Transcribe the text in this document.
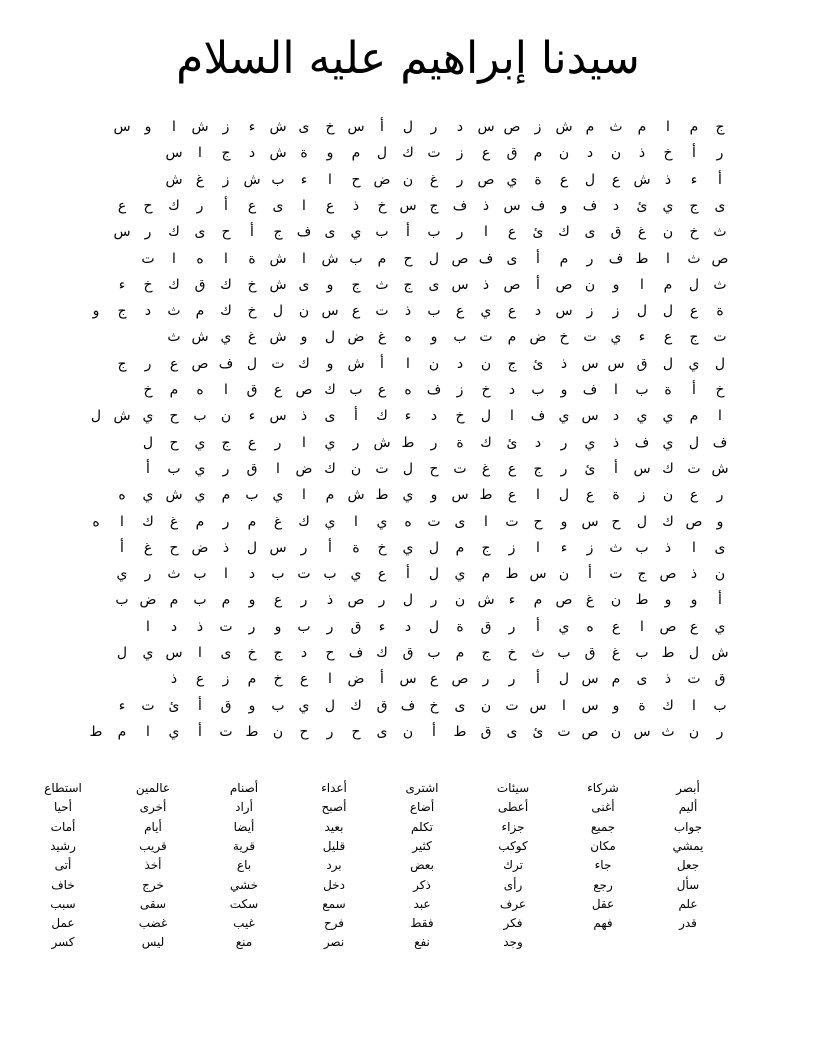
سيدنا إبراهيم عليه السلام
ج
م
ا
م
ث
م
ش
ز
ص
س
د
ر
ل
أ
س
خ
ى
ش
ء
ز
ش
ا
و
س
ر
أ
خ
ذ
ن
د
ن
م
ق
ع
ز
ت
ك
ل
م
و
ة
ش
د
ج
ا
س
أ
ء
ذ
ش
ع
ل
ع
ة
ي
ص
ر
غ
ن
ض
ح
ا
ء
ب
ش
ز
غ
ش
ى
ج
ي
ئ
د
ف
و
ف
س
ذ
ف
ج
س
خ
ذ
ع
ا
ى
ع
أ
ر
ك
ح
ع
ث
خ
ن
غ
ق
ى
ك
ئ
ع
ا
ر
ب
أ
ب
ي
ى
ف
ج
أ
ح
ى
ك
ر
س
ص
ث
ا
ط
ف
ر
م
أ
ى
ف
ص
ل
ح
م
ب
ش
ا
ش
ة
ا
ه
ا
ت
ث
ل
م
ا
و
ن
ص
أ
ص
ذ
س
ى
ج
ث
ج
و
ى
ش
خ
ك
ق
ك
خ
ء
ة
ع
ل
ل
ز
ز
س
د
ع
ي
ع
ب
ذ
ت
ع
س
ن
ل
خ
ك
م
ث
د
ج
و
ت
ج
ع
ء
ي
ت
خ
ض
م
ت
ب
و
ه
غ
ض
ل
و
ش
غ
ي
ش
ث
ل
ي
ل
ق
س
س
ذ
ئ
ج
ن
د
ن
ا
أ
ش
و
ك
ت
ل
ف
ص
ع
ر
ج
خ
أ
ة
ب
ا
ف
و
ب
د
خ
ز
ف
ه
ع
ب
ك
ص
ع
ق
ا
ه
م
خ
ا
م
ي
ي
د
س
ي
ف
ا
ل
خ
د
ء
ك
أ
ى
ذ
س
ء
ن
ب
ح
ي
ش
ل
ف
ل
ي
ف
ذ
ي
ر
د
ئ
ك
ة
ر
ط
ش
ر
ي
ا
ر
ع
ج
ي
ح
ل
ش
ت
ك
س
أ
ئ
ر
ج
ع
غ
ت
ح
ل
ت
ن
ك
ض
ا
ق
ر
ي
ب
أ
ر
ع
ن
ز
ة
ع
ل
ا
ع
ط
س
و
ي
ط
ش
م
ا
ي
ب
م
ي
ش
ي
ه
و
ص
ك
ل
ح
س
و
ح
ت
ا
ى
ت
ه
ي
ا
ي
ك
غ
م
ر
م
غ
ك
ا
ه
ى
ا
ذ
ب
ث
ز
ء
ا
ز
ج
م
ل
ي
خ
ة
أ
ر
س
ل
ذ
ض
ح
غ
أ
ن
ذ
ص
ج
ت
أ
ن
س
ط
م
ي
ل
أ
ع
ي
ب
ت
ب
د
ا
ب
ث
ر
ي
أ
و
و
ط
ن
غ
ص
م
ء
ش
ن
ر
ل
ر
ص
ذ
ر
ع
و
م
ب
م
ض
ب
ي
ع
ص
ا
ع
ه
ي
أ
ر
ق
ة
ل
د
ء
ق
ر
ب
و
ر
ت
ذ
د
ا
ش
ل
ط
ب
غ
ق
ب
ث
خ
ج
م
ب
ق
ك
ف
ح
د
ج
خ
ى
ا
س
ي
ل
ق
ت
ذ
ى
م
س
ل
أ
ر
ر
ص
ع
س
أ
ض
ا
ع
خ
م
ز
ع
ذ
ب
ا
ك
ة
و
س
ا
س
ت
ن
ى
خ
ف
ق
ك
ل
ي
ب
و
ق
أ
ئ
ت
ء
ر
ن
ث
س
ن
ص
ت
ئ
ى
ق
ط
أ
ن
ى
ح
ر
ح
ن
ط
ت
أ
ي
ا
م
ط
أبصر
شركاء
سيئات
اشترى
أعداء
أصنام
عالمين
استطاع
أليم
أغنى
أعطى
أضاع
أصبح
أراد
أخرى
أحيا
جواب
جميع
جزاء
تكلم
بعيد
أيضا
أيام
أمات
يمشي
مكان
كوكب
كثير
قليل
قرية
قريب
رشيد
جعل
جاء
ترك
بعض
برد
باع
أخذ
أتى
سأل
رجع
رأى
ذكر
دخل
خشي
خرج
خاف
علم
عقل
عرف
عبد
سمع
سكت
سقى
سبب
قدر
فهم
فكر
فقط
فرح
غيب
غضب
عمل
وجد
نفع
نصر
منع
ليس
كسر
